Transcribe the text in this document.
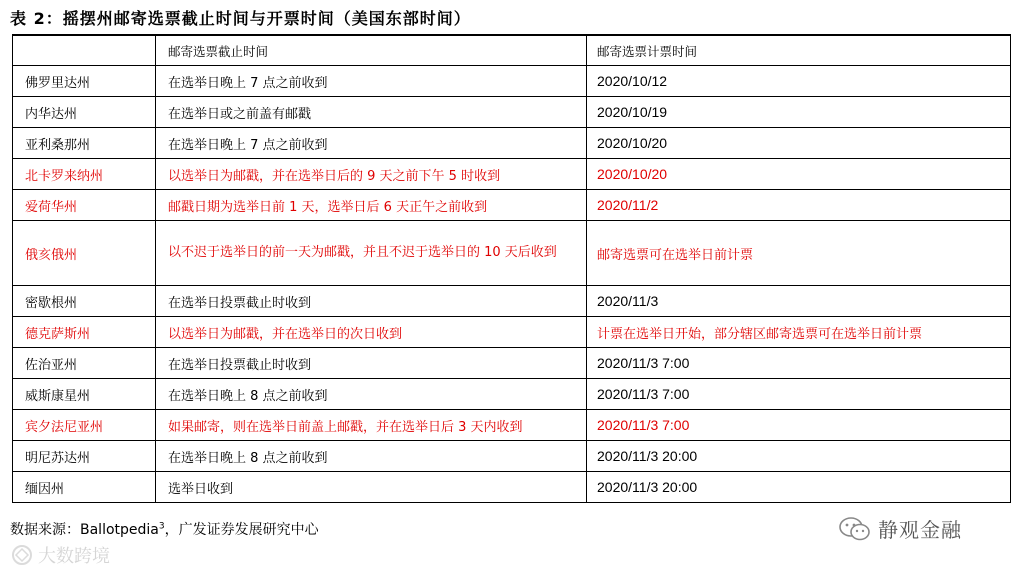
表 2：摇摆州邮寄选票截止时间与开票时间（美国东部时间）
	邮寄选票截止时间	邮寄选票计票时间
佛罗里达州	在选举日晚上 7 点之前收到	2020/10/12
内华达州	在选举日或之前盖有邮戳	2020/10/19
亚利桑那州	在选举日晚上 7 点之前收到	2020/10/20
北卡罗来纳州	以选举日为邮戳，并在选举日后的 9 天之前下午 5 时收到	2020/10/20
爱荷华州	邮戳日期为选举日前 1 天，选举日后 6 天正午之前收到	2020/11/2
俄亥俄州	以不迟于选举日的前一天为邮戳，并且不迟于选举日的 10 天后收到	邮寄选票可在选举日前计票
密歇根州	在选举日投票截止时收到	2020/11/3
德克萨斯州	以选举日为邮戳，并在选举日的次日收到	计票在选举日开始，部分辖区邮寄选票可在选举日前计票
佐治亚州	在选举日投票截止时收到	2020/11/3 7:00
威斯康星州	在选举日晚上 8 点之前收到	2020/11/3 7:00
宾夕法尼亚州	如果邮寄，则在选举日前盖上邮戳，并在选举日后 3 天内收到	2020/11/3 7:00
明尼苏达州	在选举日晚上 8 点之前收到	2020/11/3 20:00
缅因州	选举日收到	2020/11/3 20:00
数据来源：Ballotpedia$^3$，广发证券发展研究中心	静观金融
大数跨境
